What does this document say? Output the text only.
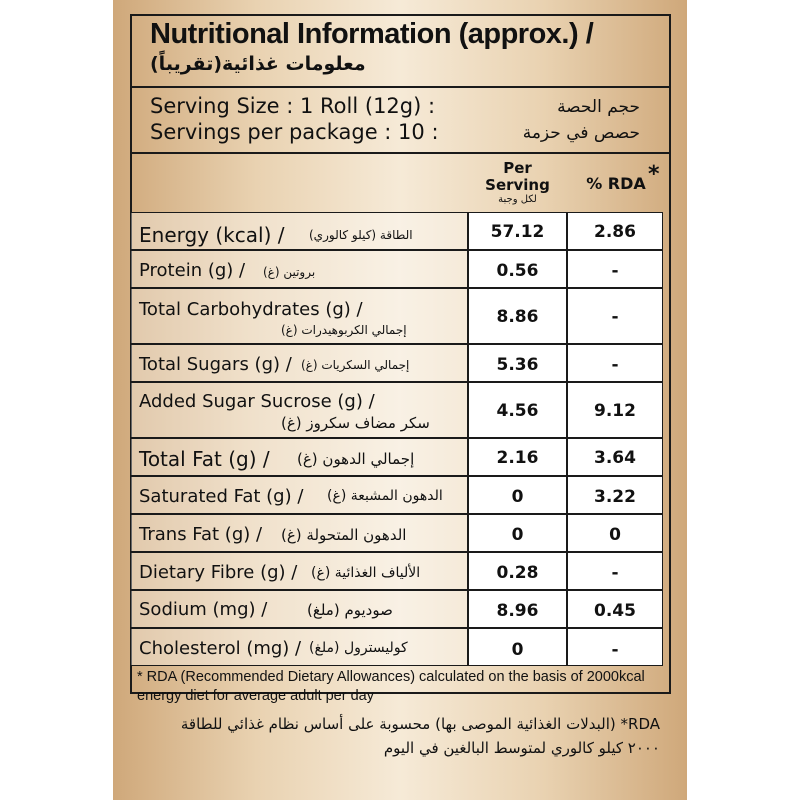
Nutritional Information (approx.) /
معلومات غذائية(تقريباً)
Serving Size : 1 Roll (12g) :	حجم الحصة
Servings per package : 10 :	حصص في حزمة
Per Serving
لكل وجبة
% RDA *
Energy (kcal) / الطاقة (كيلو كالوري)	57.12	2.86
Protein (g) / بروتين (غ)	0.56	-
Total Carbohydrates (g) /
إجمالي الكربوهيدرات (غ)
8.86	-
Total Sugars (g) / إجمالي السكريات (غ)	5.36	-
Added Sugar Sucrose (g) /
سكر مضاف سكروز (غ)
4.56	9.12
Total Fat (g) / إجمالي الدهون (غ)	2.16	3.64
Saturated Fat (g) / الدهون المشبعة (غ)	0	3.22
Trans Fat (g) / الدهون المتحولة (غ)	0	0
Dietary Fibre (g) / الألياف الغذائية (غ)	0.28	-
Sodium (mg) /	صوديوم (ملغ)	8.96	0.45
Cholesterol (mg) / كوليسترول (ملغ)	0	-
* RDA (Recommended Dietary Allowances) calculated on the basis of 2000kcal energy diet for average adult per day
RDA* (البدلات الغذائية الموصى بها) محسوبة على أساس نظام غذائي للطاقة ٢٠٠٠ كيلو كالوري لمتوسط البالغين في اليوم
